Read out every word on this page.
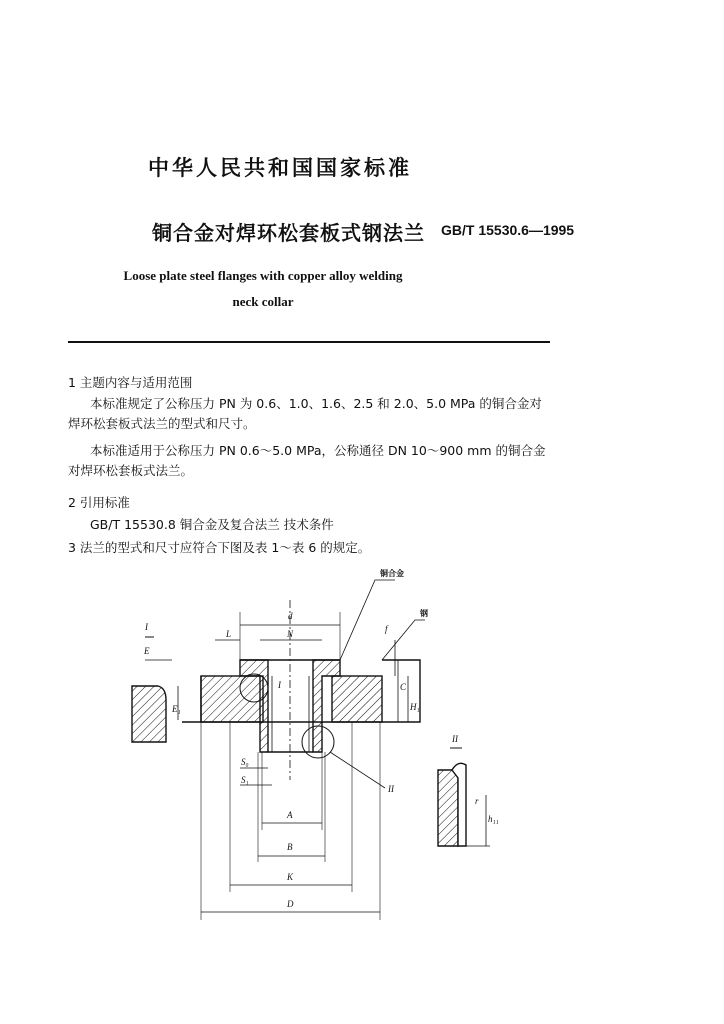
中华人民共和国国家标准
铜合金对焊环松套板式钢法兰 GB/T 15530.6—1995
Loose plate steel flanges with copper alloy welding neck collar
1 主题内容与适用范围
本标准规定了公称压力 PN 为 0.6、1.0、1.6、2.5 和 2.0、5.0 MPa 的铜合金对焊环松套板式法兰的型式和尺寸。
本标准适用于公称压力 PN 0.6～5.0 MPa，公称通径 DN 10～900 mm 的铜合金对焊环松套板式法兰。
2 引用标准
GB/T 15530.8 铜合金及复合法兰 技术条件
3 法兰的型式和尺寸应符合下图及表 1～表 6 的规定。
d
N
L	f
C
H₁
E
E₁
S₀
S₁
A
B
K
D
I
II
II
I
r
h₁₁
铜合金
钢
